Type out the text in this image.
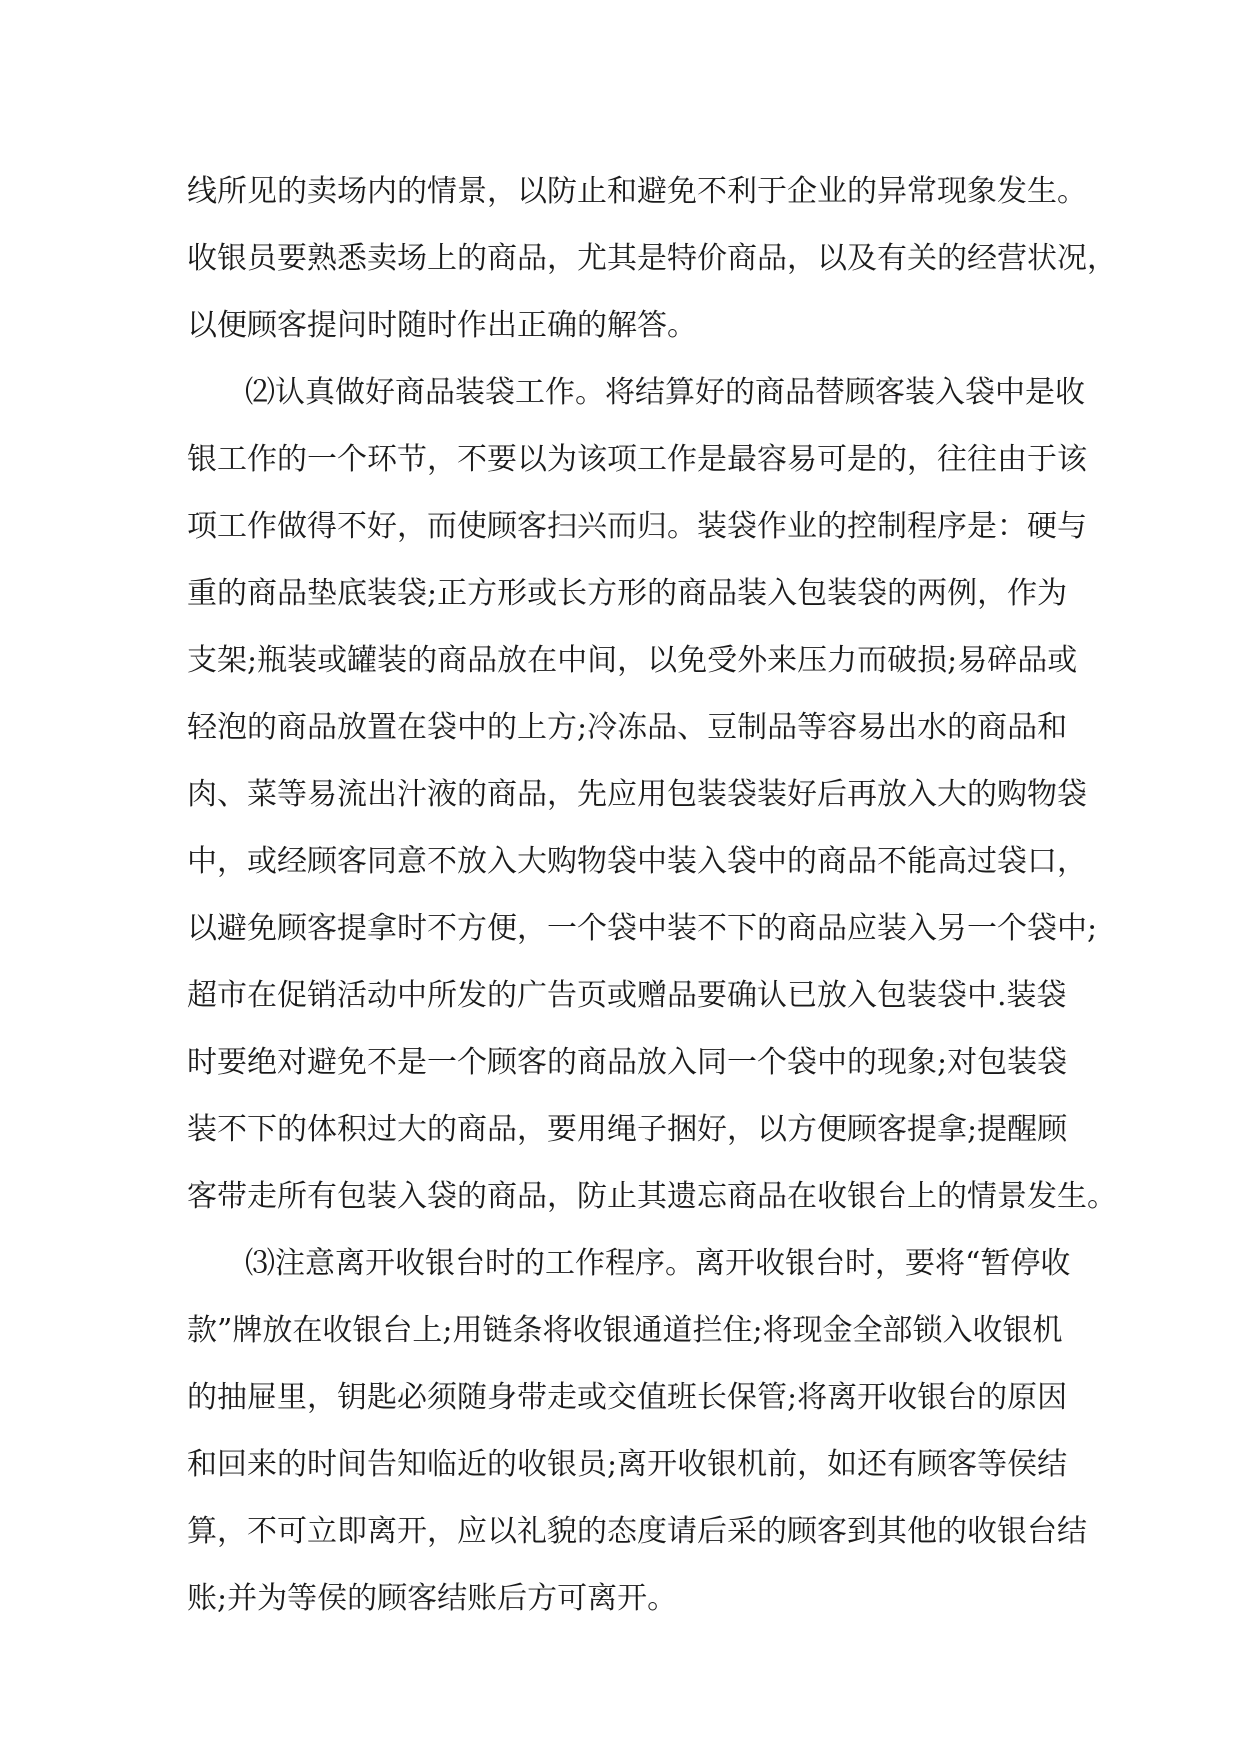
线所见的卖场内的情景，以防止和避免不利于企业的异常现象发生。
收银员要熟悉卖场上的商品，尤其是特价商品，以及有关的经营状况，
以便顾客提问时随时作出正确的解答。
⑵认真做好商品装袋工作。将结算好的商品替顾客装入袋中是收
银工作的一个环节，不要以为该项工作是最容易可是的，往往由于该
项工作做得不好，而使顾客扫兴而归。装袋作业的控制程序是：硬与
重的商品垫底装袋;正方形或长方形的商品装入包装袋的两例，作为
支架;瓶装或罐装的商品放在中间，以免受外来压力而破损;易碎品或
轻泡的商品放置在袋中的上方;冷冻品、豆制品等容易出水的商品和
肉、菜等易流出汁液的商品，先应用包装袋装好后再放入大的购物袋
中，或经顾客同意不放入大购物袋中装入袋中的商品不能高过袋口，
以避免顾客提拿时不方便，一个袋中装不下的商品应装入另一个袋中;
超市在促销活动中所发的广告页或赠品要确认已放入包装袋中.装袋
时要绝对避免不是一个顾客的商品放入同一个袋中的现象;对包装袋
装不下的体积过大的商品，要用绳子捆好，以方便顾客提拿;提醒顾
客带走所有包装入袋的商品，防止其遗忘商品在收银台上的情景发生。
⑶注意离开收银台时的工作程序。离开收银台时，要将“暂停收
款”牌放在收银台上;用链条将收银通道拦住;将现金全部锁入收银机
的抽屉里，钥匙必须随身带走或交值班长保管;将离开收银台的原因
和回来的时间告知临近的收银员;离开收银机前，如还有顾客等侯结
算，不可立即离开，应以礼貌的态度请后采的顾客到其他的收银台结
账;并为等侯的顾客结账后方可离开。
